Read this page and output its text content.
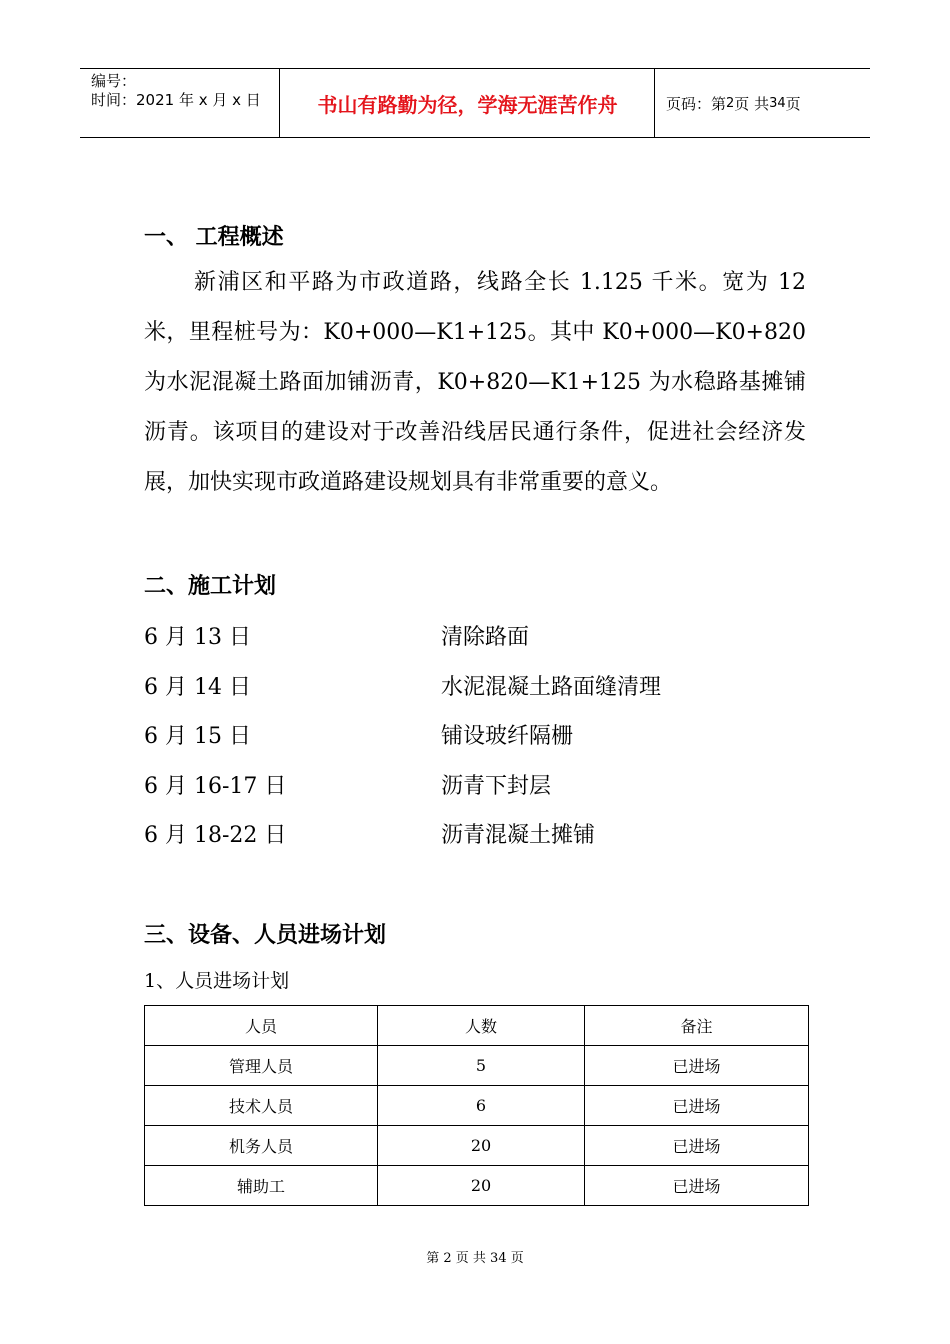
编号：
时间：2021 年 x 月 x 日	书山有路勤为径，学海无涯苦作舟	页码：第 2 页 共 34 页
一、 工程概述
新浦区和平路为市政道路，线路全长 1.125 千米。宽为 12 米，里程桩号为：K0+000—K1+125。其中 K0+000—K0+820 为水泥混凝土路面加铺沥青，K0+820—K1+125 为水稳路基摊铺沥青。该项目的建设对于改善沿线居民通行条件，促进社会经济发展，加快实现市政道路建设规划具有非常重要的意义。
二、施工计划
6 月 13 日	清除路面
6 月 14 日	水泥混凝土路面缝清理
6 月 15 日	铺设玻纤隔栅
6 月 16-17 日	沥青下封层
6 月 18-22 日	沥青混凝土摊铺
三、设备、人员进场计划
1、人员进场计划
人员	人数	备注
管理人员	5	已进场
技术人员	6	已进场
机务人员	20	已进场
辅助工	20	已进场
第 2 页 共 34 页
